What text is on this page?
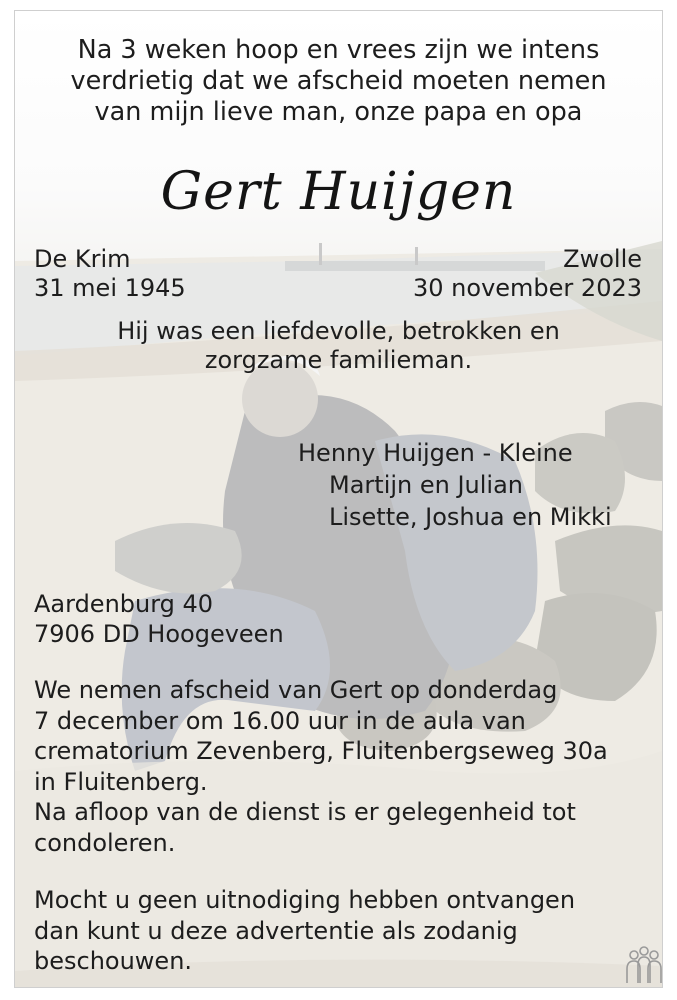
Na 3 weken hoop en vrees zijn we intens
verdrietig dat we afscheid moeten nemen
van mijn lieve man, onze papa en opa
Gert Huijgen
De Krim
31 mei 1945
Zwolle
30 november 2023
Hij was een liefdevolle, betrokken en
zorgzame familieman.
Henny Huijgen - Kleine
Martijn en Julian
Lisette, Joshua en Mikki
Aardenburg 40
7906 DD Hoogeveen
We nemen afscheid van Gert op donderdag
7 december om 16.00 uur in de aula van
crematorium Zevenberg, Fluitenbergseweg 30a
in Fluitenberg.
Na afloop van de dienst is er gelegenheid tot
condoleren.
Mocht u geen uitnodiging hebben ontvangen
dan kunt u deze advertentie als zodanig
beschouwen.
